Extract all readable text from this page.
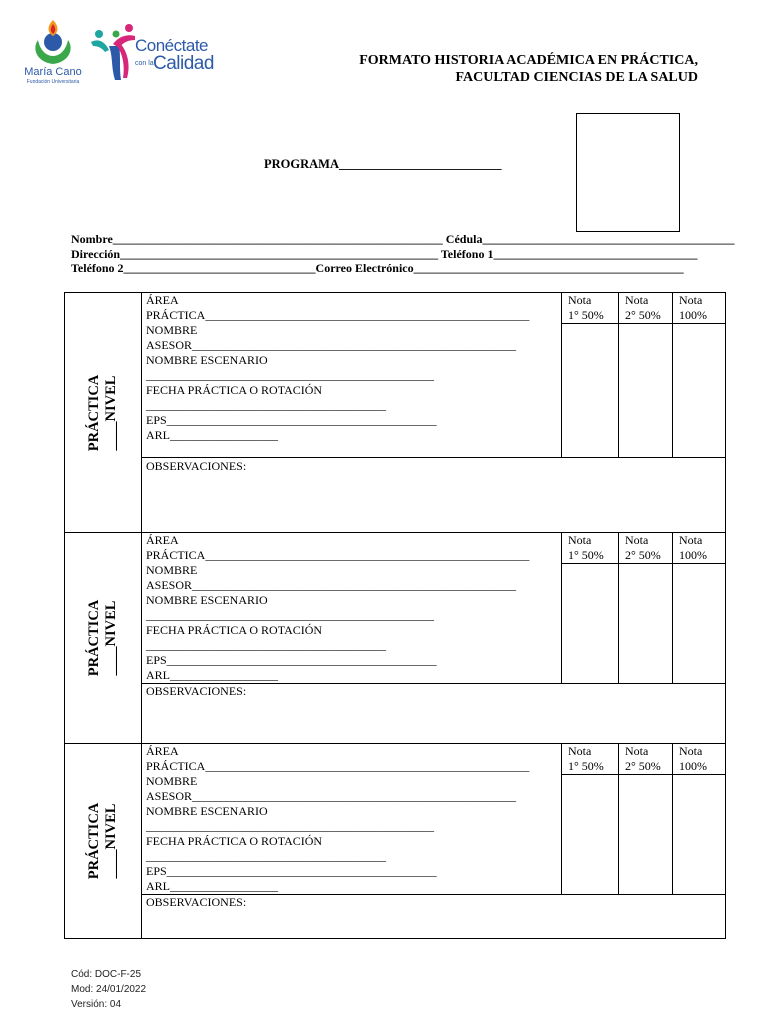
María Cano
Fundación Universitaria
Conéctate
con la Calidad	FORMATO HISTORIA ACADÉMICA EN PRÁCTICA,
FACULTAD CIENCIAS DE LA SALUD
PROGRAMA__________________________
Nombre_______________________________________________________ Cédula__________________________________________
Dirección_____________________________________________________ Teléfono 1__________________________________
Teléfono 2________________________________Correo Electrónico_____________________________________________
PRÁCTICA ____NIVEL
ÁREA
PRÁCTICA______________________________________________________
NOMBRE
ASESOR______________________________________________________
NOMBRE ESCENARIO
________________________________________________
FECHA PRÁCTICA O ROTACIÓN
________________________________________
EPS_____________________________________________
ARL__________________
Nota
1° 50%
Nota
2° 50%
Nota
100%
OBSERVACIONES:
PRÁCTICA ____NIVEL
ÁREA
PRÁCTICA______________________________________________________
NOMBRE
ASESOR______________________________________________________
NOMBRE ESCENARIO
________________________________________________
FECHA PRÁCTICA O ROTACIÓN
________________________________________
EPS_____________________________________________
ARL__________________
Nota
1° 50%
Nota
2° 50%
Nota
100%
OBSERVACIONES:
PRÁCTICA ____NIVEL
ÁREA
PRÁCTICA______________________________________________________
NOMBRE
ASESOR______________________________________________________
NOMBRE ESCENARIO
________________________________________________
FECHA PRÁCTICA O ROTACIÓN
________________________________________
EPS_____________________________________________
ARL__________________
Nota
1° 50%
Nota
2° 50%
Nota
100%
OBSERVACIONES:
Cód: DOC-F-25
Mod: 24/01/2022
Versión: 04
